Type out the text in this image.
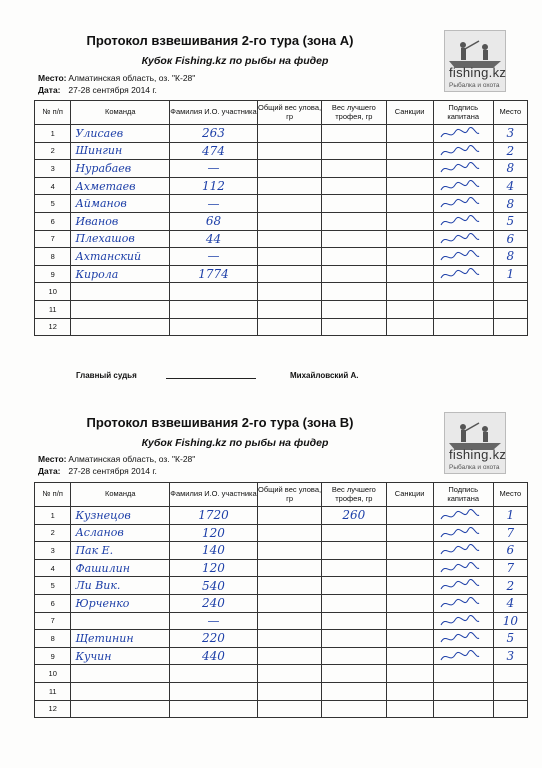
Протокол взвешивания 2-го тура (зона А)
Кубок Fishing.kz по рыбы на фидер
Место: Алматинская область, оз. "К-28"
Дата: 27-28 сентября 2014 г.
fishing.kz
Рыбалка и охота
№ п/п	Команда	Фамилия И.О. участника	Общий вес улова, гр	Вес лучшего трофея, гр	Санкции	Подпись капитана	Место
1	Улисаев	263					3
2	Шингин	474					2
3	Нурабаев	—					8
4	Ахметаев	112					4
5	Айманов	—					8
6	Иванов	68					5
7	Плехашов	44					6
8	Ахтанский	—					8
9	Кирола	1774					1
10							
11							
12							
Главный судья	Михайловский А.
Протокол взвешивания 2-го тура (зона В)
Кубок Fishing.kz по рыбы на фидер
Место: Алматинская область, оз. "К-28"
Дата: 27-28 сентября 2014 г.
fishing.kz
Рыбалка и охота
№ п/п	Команда	Фамилия И.О. участника	Общий вес улова, гр	Вес лучшего трофея, гр	Санкции	Подпись капитана	Место
1	Кузнецов	1720		260			1
2	Асланов	120					7
3	Пак Е.	140					6
4	Фашилин	120					7
5	Ли Вик.	540					2
6	Юрченко	240					4
7		—					10
8	Щетинин	220					5
9	Кучин	440					3
10							
11							
12							
